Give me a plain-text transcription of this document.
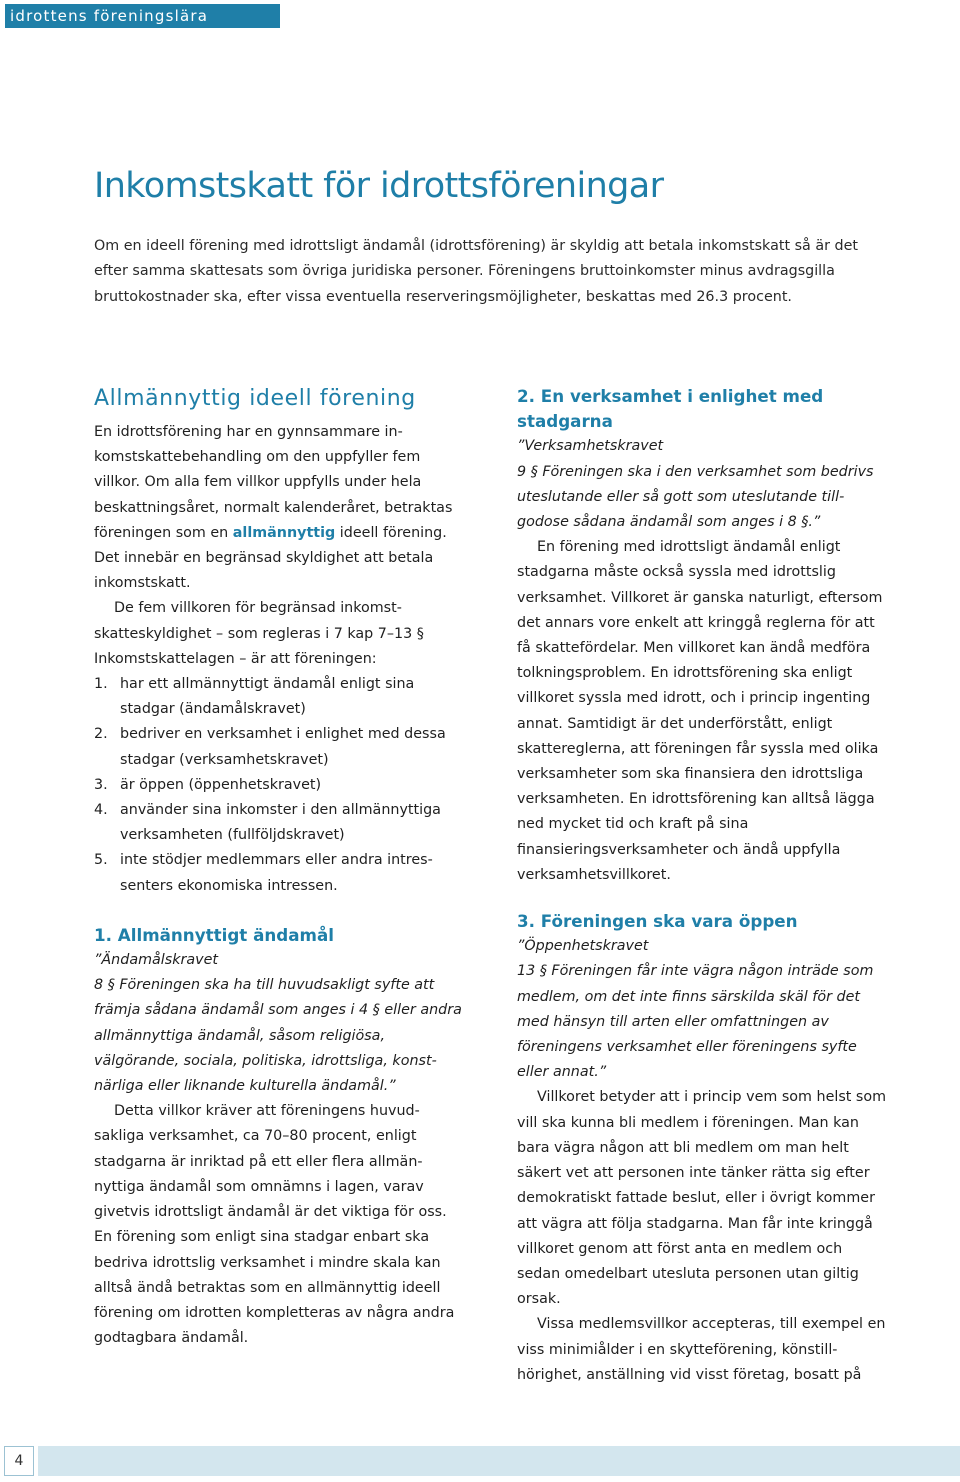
idrottens föreningslära
Inkomstskatt för idrottsföreningar

Om en ideell förening med idrottsligt ändamål (idrottsförening) är skyldig att betala inkomstskatt så är det efter samma skattesats som övriga juridiska personer. Föreningens bruttoinkomster minus avdragsgilla bruttokostnader ska, efter vissa eventuella reserveringsmöjligheter, beskattas med 26.3 procent.

Allmännyttig ideell förening

En idrottsförening har en gynnsammare inkomstskattebehandling om den uppfyller fem villkor. Om alla fem villkor uppfylls under hela beskattningsåret, normalt kalenderåret, betraktas föreningen som en allmännyttig ideell förening. Det innebär en begränsad skyldighet att betala inkomstskatt.

De fem villkoren för begränsad inkomstskatteskyldighet – som regleras i 7 kap 7–13 § Inkomstskattelagen – är att föreningen:

1. har ett allmännyttigt ändamål enligt sina stadgar (ändamålskravet)
2. bedriver en verksamhet i enlighet med dessa stadgar (verksamhetskravet)
3. är öppen (öppenhetskravet)
4. använder sina inkomster i den allmännyttiga verksamheten (fullföljdskravet)
5. inte stödjer medlemmars eller andra intressenters ekonomiska intressen.
1. Allmännyttigt ändamål

”Ändamålskravet
8 § Föreningen ska ha till huvudsakligt syfte att främja sådana ändamål som anges i 4 § eller andra allmännyttiga ändamål, såsom religiösa, välgörande, sociala, politiska, idrottsliga, konstnärliga eller liknande kulturella ändamål.”

Detta villkor kräver att föreningens huvudsakliga verksamhet, ca 70–80 procent, enligt stadgarna är inriktad på ett eller flera allmännyttiga ändamål som omnämns i lagen, varav givetvis idrottsligt ändamål är det viktiga för oss. En förening som enligt sina stadgar enbart ska bedriva idrottslig verksamhet i mindre skala kan alltså ändå betraktas som en allmännyttig ideell förening om idrotten kompletteras av några andra godtagbara ändamål.

2. En verksamhet i enlighet med stadgarna

”Verksamhetskravet
9 § Föreningen ska i den verksamhet som bedrivs uteslutande eller så gott som uteslutande tillgodose sådana ändamål som anges i 8 §.”

En förening med idrottsligt ändamål enligt stadgarna måste också syssla med idrottslig verksamhet. Villkoret är ganska naturligt, eftersom det annars vore enkelt att kringgå reglerna för att få skattefördelar. Men villkoret kan ändå medföra tolkningsproblem. En idrottsförening ska enligt villkoret syssla med idrott, och i princip ingenting annat. Samtidigt är det underförstått, enligt skattereglerna, att föreningen får syssla med olika verksamheter som ska finansiera den idrottsliga verksamheten. En idrottsförening kan alltså lägga ned mycket tid och kraft på sina finansieringsverksamheter och ändå uppfylla verksamhetsvillkoret.

3. Föreningen ska vara öppen

”Öppenhetskravet
13 § Föreningen får inte vägra någon inträde som medlem, om det inte finns särskilda skäl för det med hänsyn till arten eller omfattningen av föreningens verksamhet eller föreningens syfte eller annat.”

Villkoret betyder att i princip vem som helst som vill ska kunna bli medlem i föreningen. Man kan bara vägra någon att bli medlem om man helt säkert vet att personen inte tänker rätta sig efter demokratiskt fattade beslut, eller i övrigt kommer att vägra att följa stadgarna. Man får inte kringgå villkoret genom att först anta en medlem och sedan omedelbart utesluta personen utan giltig orsak.

Vissa medlemsvillkor accepteras, till exempel en viss minimiålder i en skytteförening, könstillhörighet, anställning vid visst företag, bosatt på

4
